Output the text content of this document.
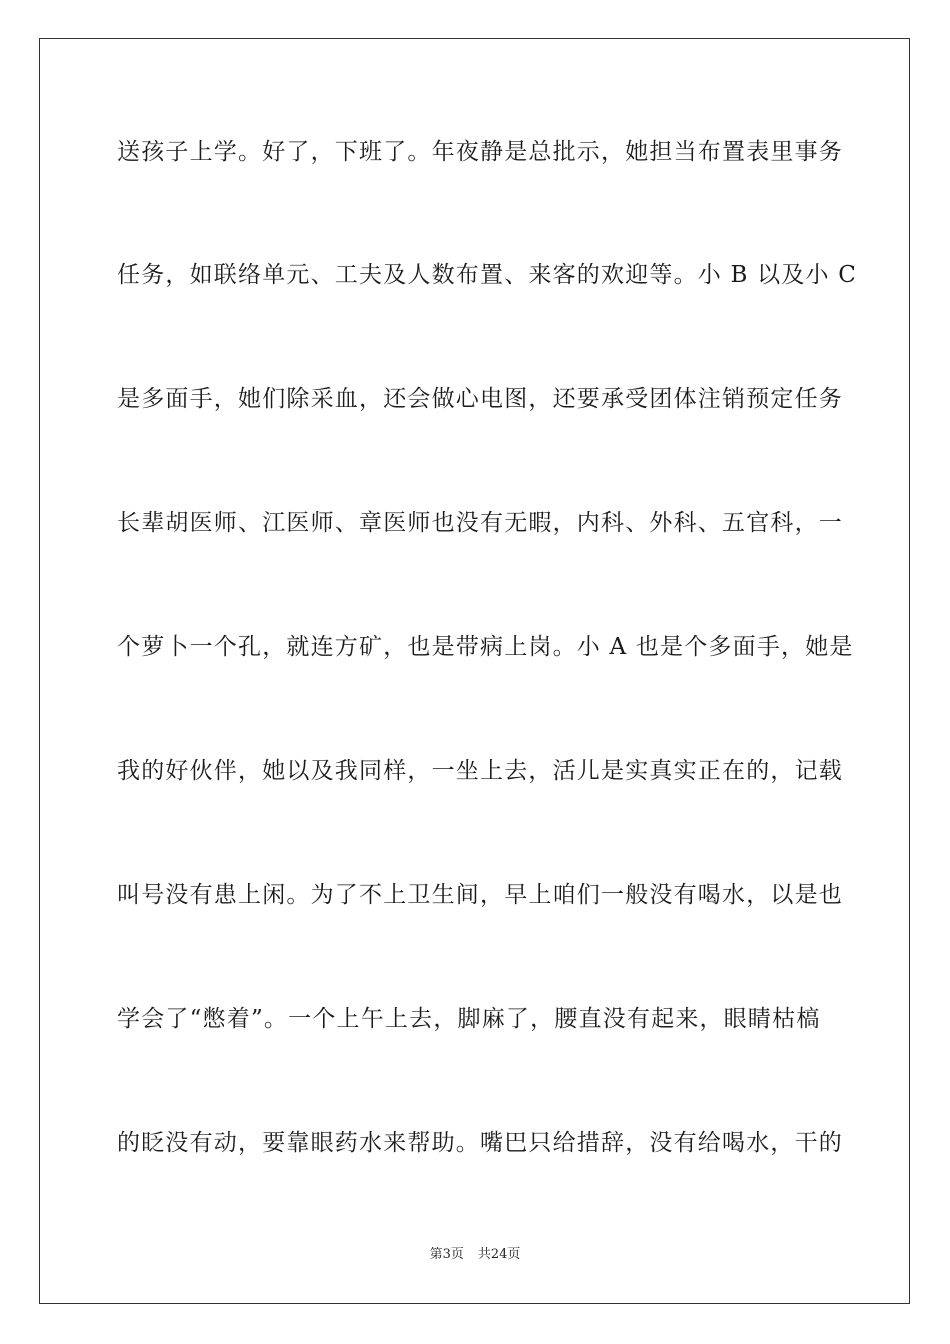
送孩子上学。好了，下班了。年夜静是总批示，她担当布置表里事务
任务，如联络单元、工夫及人数布置、来客的欢迎等。小 B 以及小 C
是多面手，她们除采血，还会做心电图，还要承受团体注销预定任务
长辈胡医师、江医师、章医师也没有无暇，内科、外科、五官科，一
个萝卜一个孔，就连方矿，也是带病上岗。小 A 也是个多面手，她是
我的好伙伴，她以及我同样，一坐上去，活儿是实真实正在的，记载
叫号没有患上闲。为了不上卫生间，早上咱们一般没有喝水，以是也
学会了“憋着”。一个上午上去，脚麻了，腰直没有起来，眼睛枯槁
的眨没有动，要靠眼药水来帮助。嘴巴只给措辞，没有给喝水，干的
第3页 共24页
